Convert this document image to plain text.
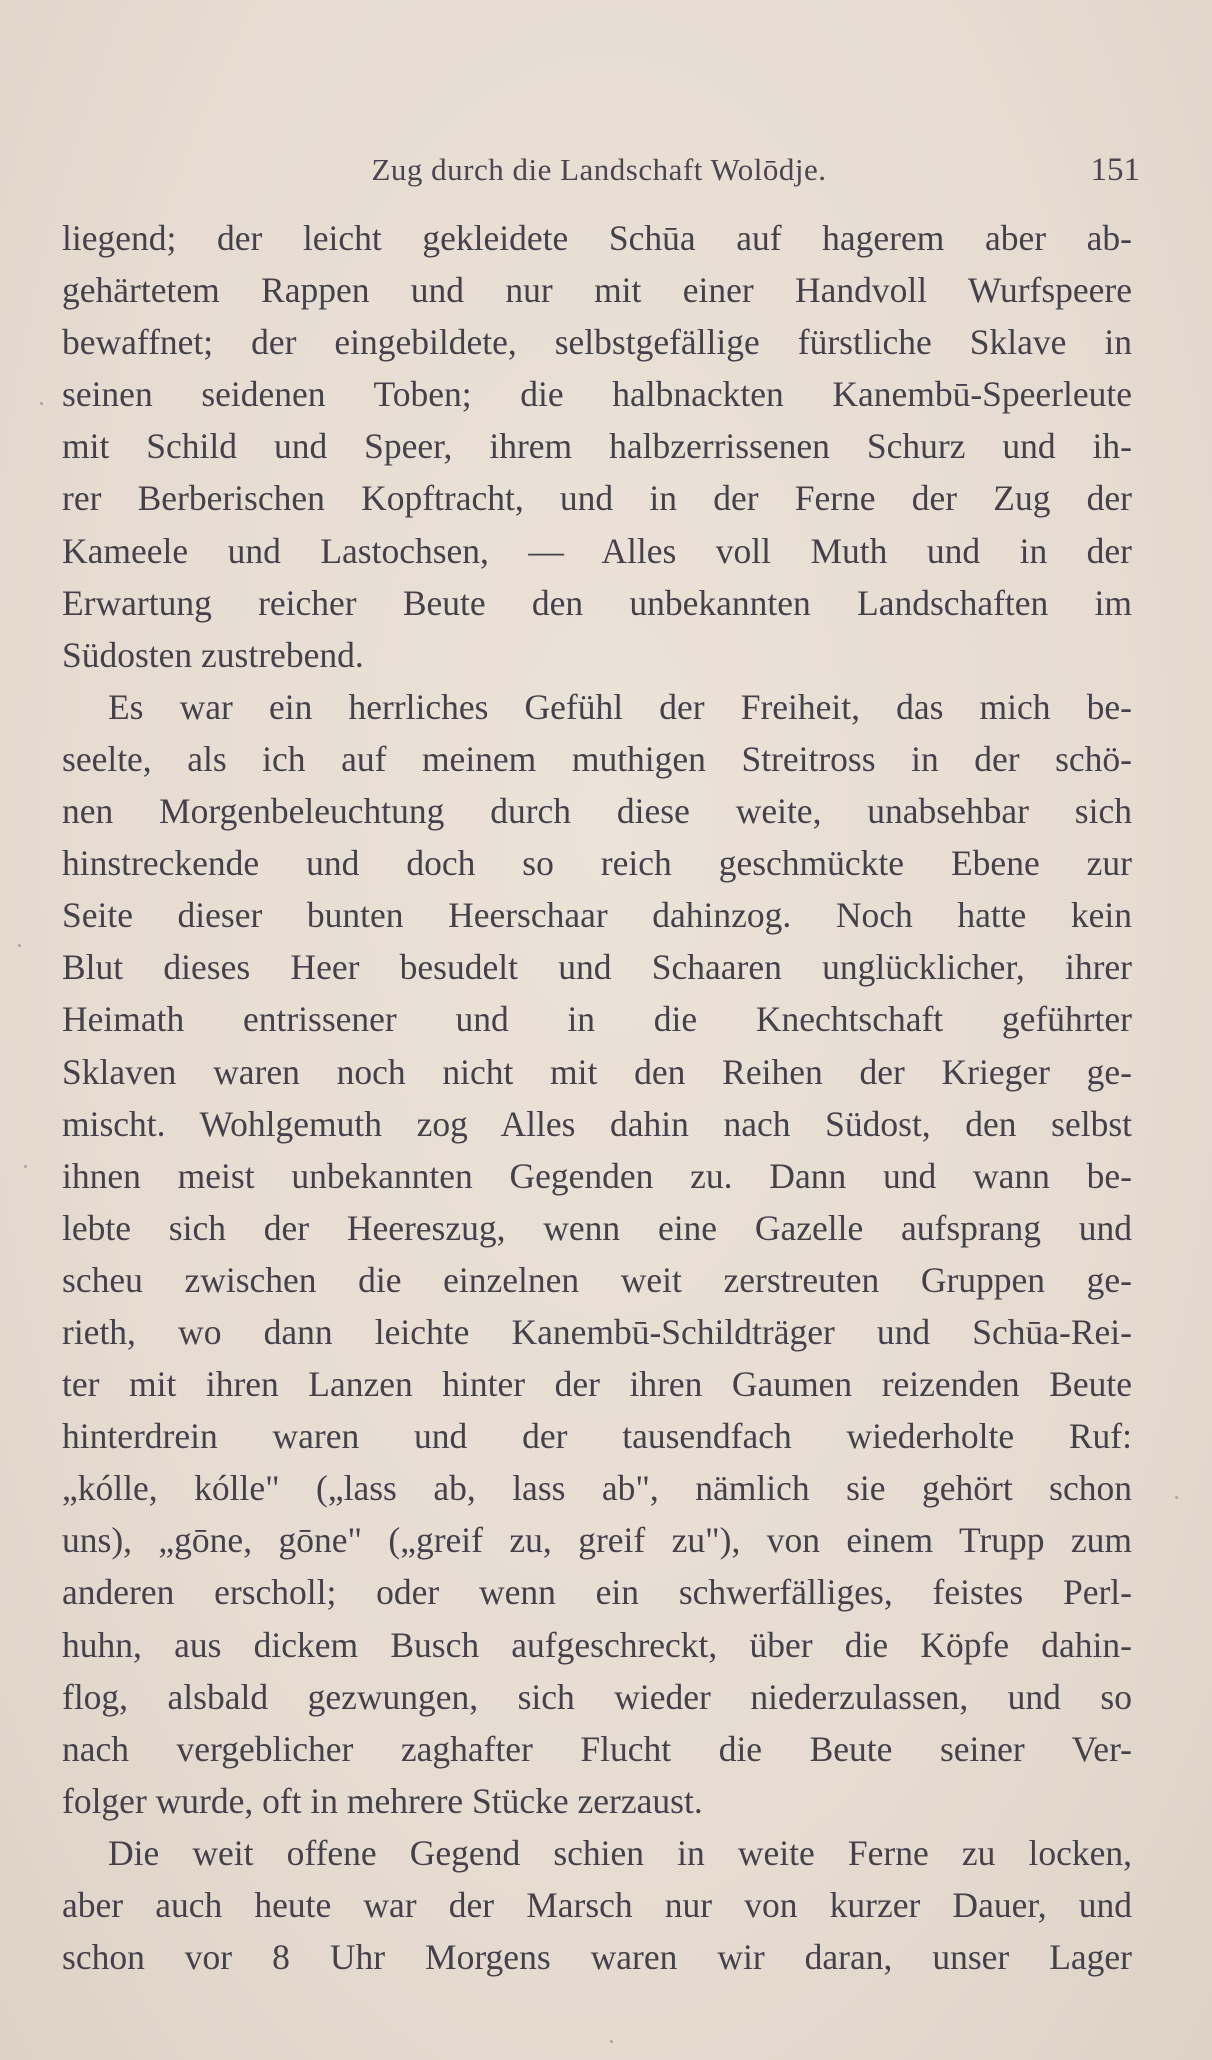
Zug durch die Landschaft Wolōdje.	151
liegend; der leicht gekleidete Schūa auf hagerem aber ab-
gehärtetem Rappen und nur mit einer Handvoll Wurfspeere
bewaffnet; der eingebildete, selbstgefällige fürstliche Sklave in
seinen seidenen Toben; die halbnackten Kanembū-Speerleute
mit Schild und Speer, ihrem halbzerrissenen Schurz und ih-
rer Berberischen Kopftracht, und in der Ferne der Zug der
Kameele und Lastochsen, — Alles voll Muth und in der
Erwartung reicher Beute den unbekannten Landschaften im
Südosten zustrebend.
Es war ein herrliches Gefühl der Freiheit, das mich be-
seelte, als ich auf meinem muthigen Streitross in der schö-
nen Morgenbeleuchtung durch diese weite, unabsehbar sich
hinstreckende und doch so reich geschmückte Ebene zur
Seite dieser bunten Heerschaar dahinzog. Noch hatte kein
Blut dieses Heer besudelt und Schaaren unglücklicher, ihrer
Heimath entrissener und in die Knechtschaft geführter
Sklaven waren noch nicht mit den Reihen der Krieger ge-
mischt. Wohlgemuth zog Alles dahin nach Südost, den selbst
ihnen meist unbekannten Gegenden zu. Dann und wann be-
lebte sich der Heereszug, wenn eine Gazelle aufsprang und
scheu zwischen die einzelnen weit zerstreuten Gruppen ge-
rieth, wo dann leichte Kanembū-Schildträger und Schūa-Rei-
ter mit ihren Lanzen hinter der ihren Gaumen reizenden Beute
hinterdrein waren und der tausendfach wiederholte Ruf:
„kólle, kólle" („lass ab, lass ab", nämlich sie gehört schon
uns), „gōne, gōne" („greif zu, greif zu"), von einem Trupp zum
anderen erscholl; oder wenn ein schwerfälliges, feistes Perl-
huhn, aus dickem Busch aufgeschreckt, über die Köpfe dahin-
flog, alsbald gezwungen, sich wieder niederzulassen, und so
nach vergeblicher zaghafter Flucht die Beute seiner Ver-
folger wurde, oft in mehrere Stücke zerzaust.
Die weit offene Gegend schien in weite Ferne zu locken,
aber auch heute war der Marsch nur von kurzer Dauer, und
schon vor 8 Uhr Morgens waren wir daran, unser Lager
